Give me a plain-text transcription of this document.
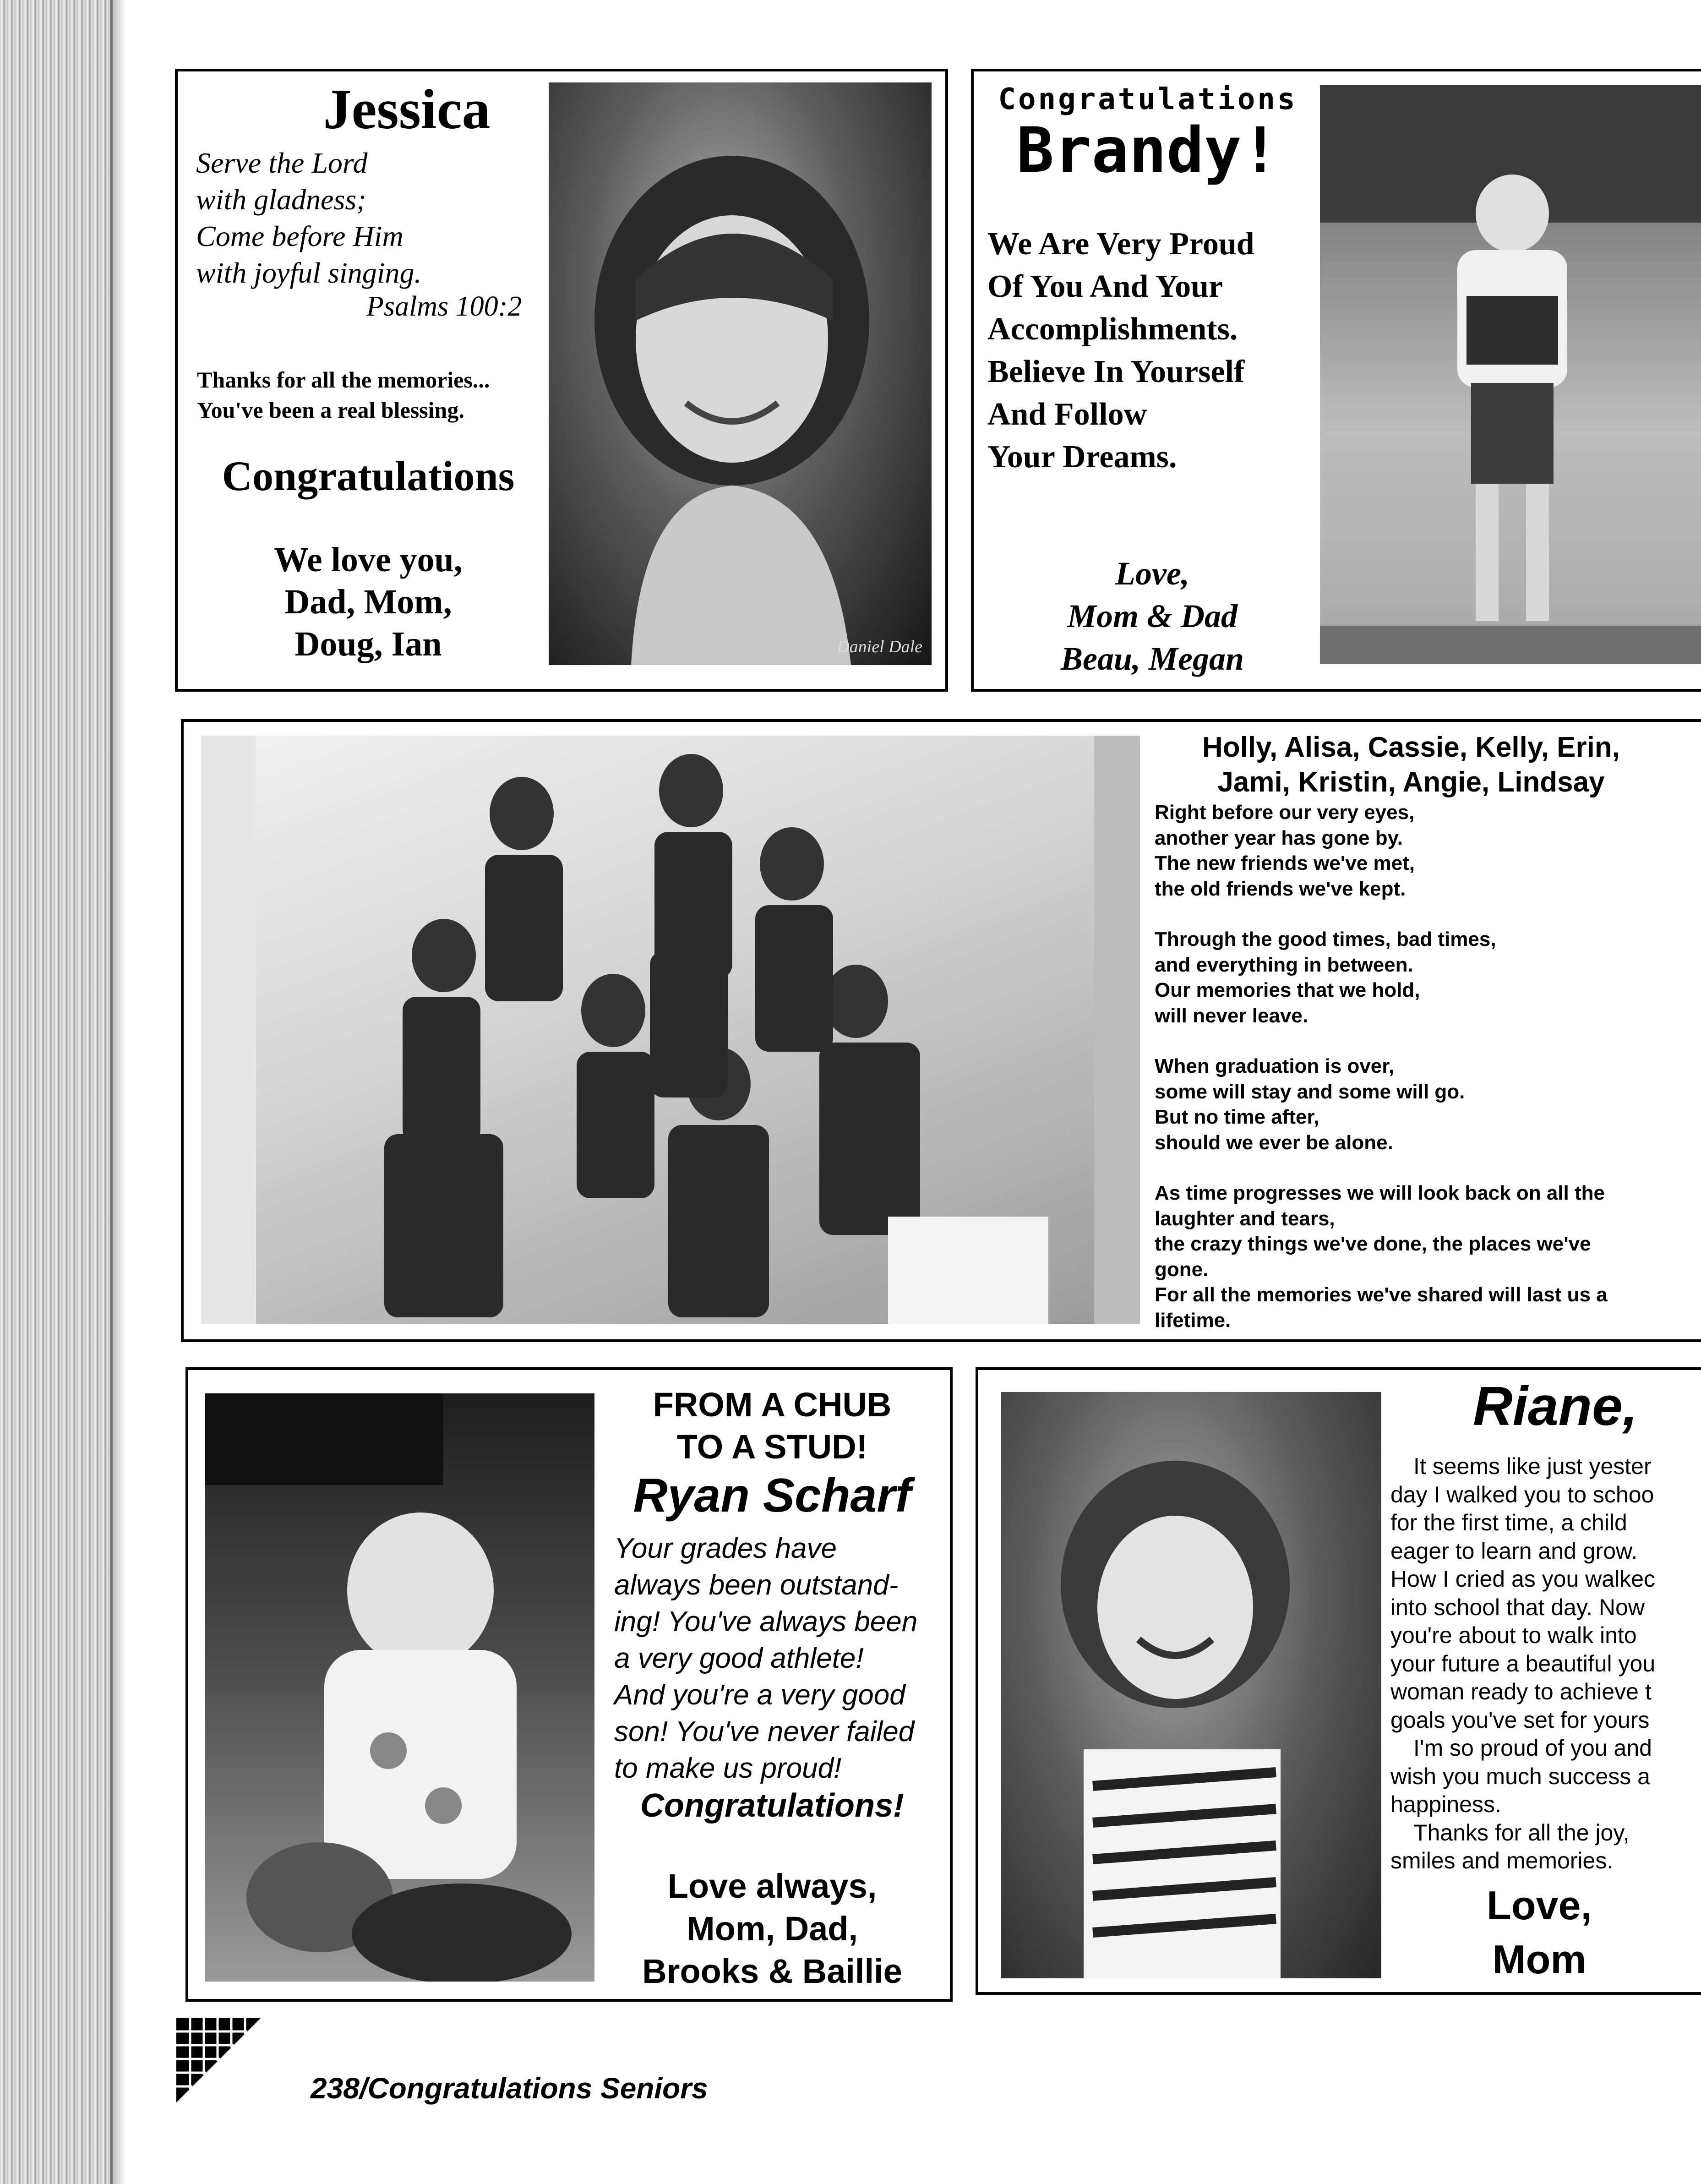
Jessica
Serve the Lord
with gladness;
Come before Him
with joyful singing.
Psalms 100:2
Thanks for all the memories...
You've been a real blessing.
Congratulations
We love you,
Dad, Mom,
Doug, Ian	Daniel Dale
Congratulations
Brandy!
We Are Very Proud
Of You And Your
Accomplishments.
Believe In Yourself
And Follow
Your Dreams.
Love,
Mom & Dad
Beau, Megan
Holly, Alisa, Cassie, Kelly, Erin,
Jami, Kristin, Angie, Lindsay
Right before our very eyes,
another year has gone by.
The new friends we've met,
the old friends we've kept.
Through the good times, bad times,
and everything in between.
Our memories that we hold,
will never leave.
When graduation is over,
some will stay and some will go.
But no time after,
should we ever be alone.
As time progresses we will look back on all the
laughter and tears,
the crazy things we've done, the places we've
gone.
For all the memories we've shared will last us a
lifetime.
FROM A CHUB
TO A STUD!
Ryan Scharf
Your grades have
always been outstand-
ing! You've always been
a very good athlete!
And you're a very good
son! You've never failed
to make us proud!
Congratulations!
Love always,
Mom, Dad,
Brooks & Baillie
Riane,
It seems like just yester
day I walked you to schoo
for the first time, a child
eager to learn and grow.
How I cried as you walkec
into school that day. Now
you're about to walk into
your future a beautiful you
woman ready to achieve t
goals you've set for yours
I'm so proud of you and
wish you much success a
happiness.
Thanks for all the joy,
smiles and memories.
Love,
Mom
238/Congratulations Seniors
